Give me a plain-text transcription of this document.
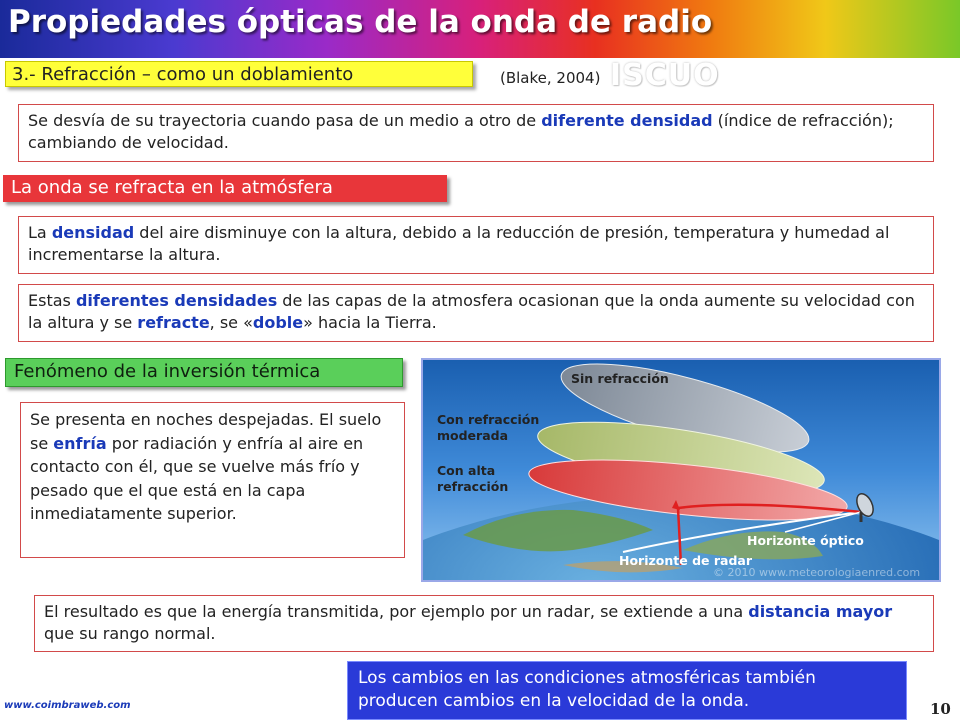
Propiedades ópticas de la onda de radio
ISCUO
3.- Refracción – como un doblamiento	(Blake, 2004)
Se desvía de su trayectoria cuando pasa de un medio a otro de diferente densidad (índice de refracción); cambiando de velocidad.
La onda se refracta en la atmósfera
La densidad del aire disminuye con la altura, debido a la reducción de presión, temperatura y humedad al incrementarse la altura.
Estas diferentes densidades de las capas de la atmosfera ocasionan que la onda aumente su velocidad con la altura y se refracte, se «doble» hacia la Tierra.
Fenómeno de la inversión térmica
Se presenta en noches despejadas. El suelo se enfría por radiación y enfría al aire en contacto con él, que se vuelve más frío y pesado que el que está en la capa inmediatamente superior.
Sin refracción
Con refracción
moderada
Con alta
refracción
Horizonte óptico
Horizonte de radar
© 2010 www.meteorologiaenred.com
El resultado es que la energía transmitida, por ejemplo por un radar, se extiende a una distancia mayor que su rango normal.
Los cambios en las condiciones atmosféricas también producen cambios en la velocidad de la onda.
www.coimbraweb.com	10
